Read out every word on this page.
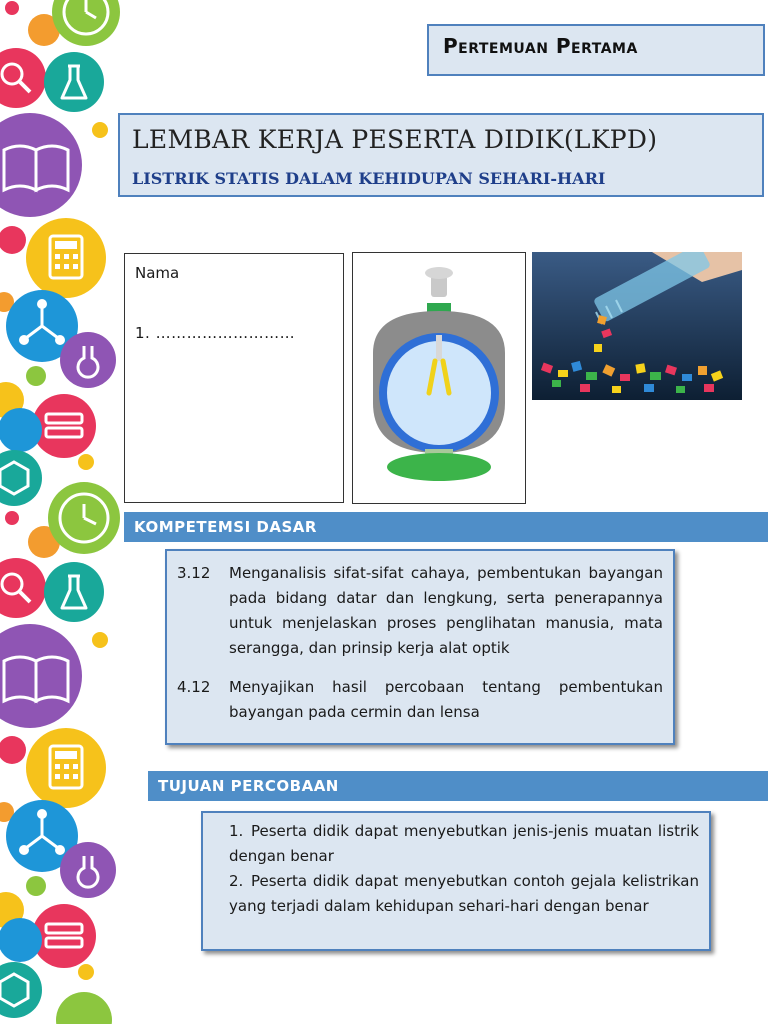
Pertemuan Pertama
LEMBAR KERJA PESERTA DIDIK(LKPD)
LISTRIK STATIS DALAM KEHIDUPAN SEHARI-HARI
Nama
1. ………………………
KOMPETEMSI DASAR
3.12 Menganalisis sifat-sifat cahaya, pembentukan bayangan pada bidang datar dan lengkung, serta penerapannya untuk menjelaskan proses penglihatan manusia, mata serangga, dan prinsip kerja alat optik
4.12 Menyajikan hasil percobaan tentang pembentukan bayangan pada cermin dan lensa
TUJUAN PERCOBAAN
1. Peserta didik dapat menyebutkan jenis-jenis muatan listrik dengan benar
2. Peserta didik dapat menyebutkan contoh gejala kelistrikan yang terjadi dalam kehidupan sehari-hari dengan benar
